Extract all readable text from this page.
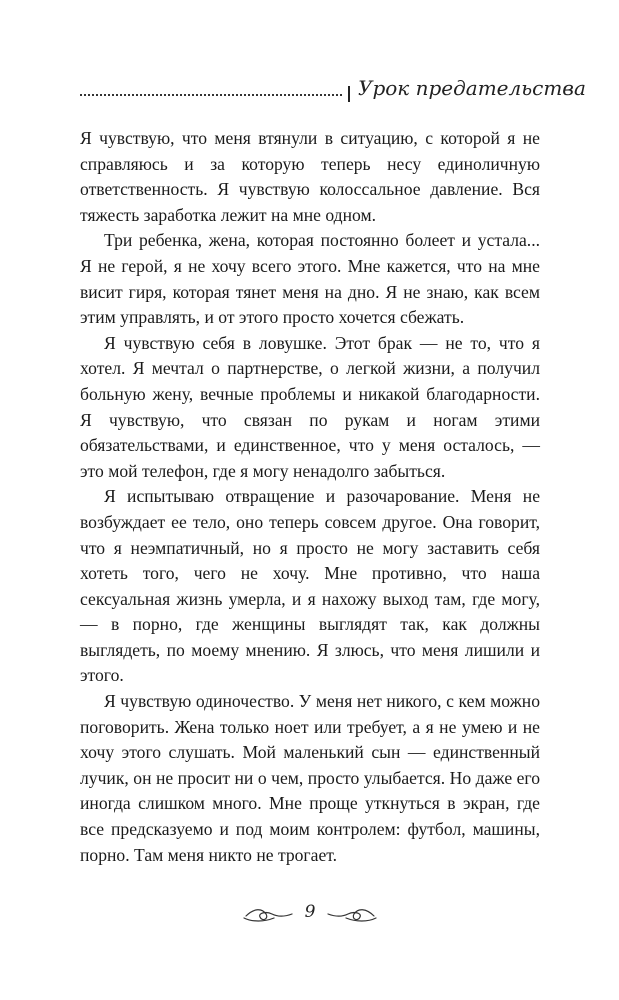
Урок предательства

Я чувствую, что меня втянули в ситуацию, с которой я не справляюсь и за которую теперь несу единоличную ответственность. Я чувствую колоссальное давление. Вся тяжесть заработка лежит на мне одном.

Три ребенка, жена, которая постоянно болеет и устала... Я не герой, я не хочу всего этого. Мне кажется, что на мне висит гиря, которая тянет меня на дно. Я не знаю, как всем этим управлять, и от этого просто хочется сбежать.

Я чувствую себя в ловушке. Этот брак — не то, что я хотел. Я мечтал о партнерстве, о легкой жизни, а получил больную жену, вечные проблемы и никакой благодарности. Я чувствую, что связан по рукам и ногам этими обязательствами, и единственное, что у меня осталось, — это мой телефон, где я могу ненадолго забыться.

Я испытываю отвращение и разочарование. Меня не возбуждает ее тело, оно теперь совсем другое. Она говорит, что я неэмпатичный, но я просто не могу заставить себя хотеть того, чего не хочу. Мне противно, что наша сексуальная жизнь умерла, и я нахожу выход там, где могу, — в порно, где женщины выглядят так, как должны выглядеть, по моему мнению. Я злюсь, что меня лишили и этого.

Я чувствую одиночество. У меня нет никого, с кем можно поговорить. Жена только ноет или требует, а я не умею и не хочу этого слушать. Мой маленький сын — единственный лучик, он не просит ни о чем, просто улыбается. Но даже его иногда слишком много. Мне проще уткнуться в экран, где все предсказуемо и под моим контролем: футбол, машины, порно. Там меня никто не трогает.

9
